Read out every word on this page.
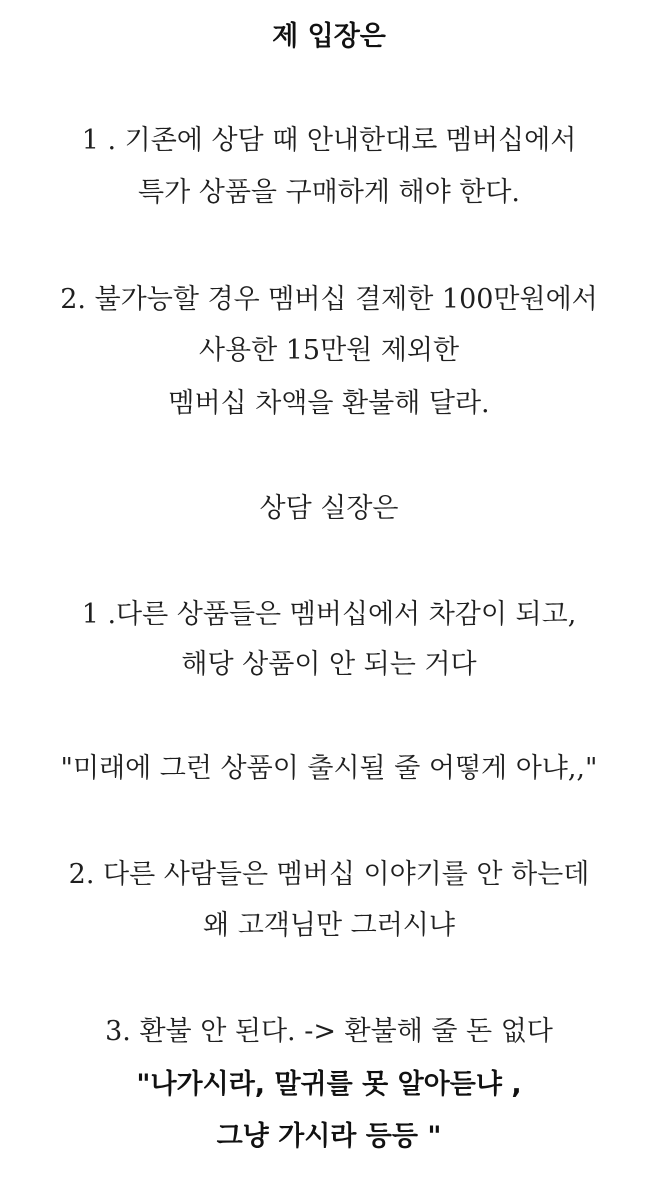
제 입장은
1 . 기존에 상담 때 안내한대로 멤버십에서
특가 상품을 구매하게 해야 한다.
2. 불가능할 경우 멤버십 결제한 100만원에서
사용한 15만원 제외한
멤버십 차액을 환불해 달라.
상담 실장은
1 .다른 상품들은 멤버십에서 차감이 되고,
해당 상품이 안 되는 거다
"미래에 그런 상품이 출시될 줄 어떻게 아냐,,"
2. 다른 사람들은 멤버십 이야기를 안 하는데
왜 고객님만 그러시냐
3. 환불 안 된다. -> 환불해 줄 돈 없다
"나가시라, 말귀를 못 알아듣냐 ,
그냥 가시라 등등 "
